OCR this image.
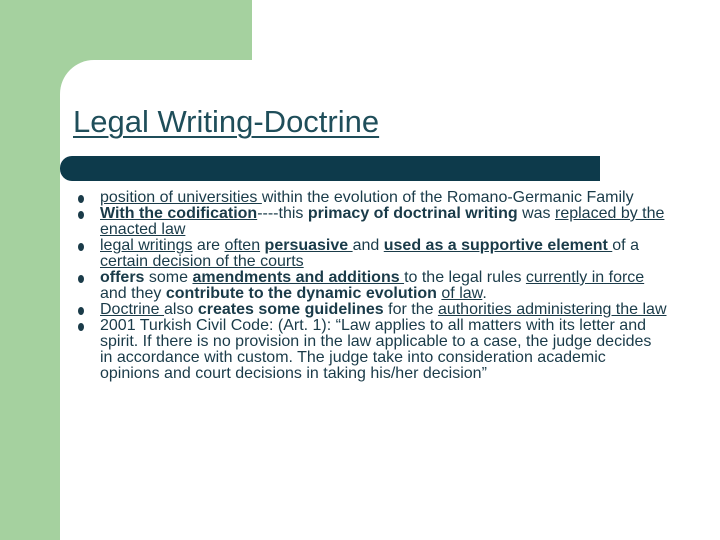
Legal Writing-Doctrine
position of universities within the evolution of the Romano-Germanic Family
With the codification----this primacy of doctrinal writing was replaced by the enacted law
legal writings are often persuasive and used as a supportive element of a certain decision of the courts
offers some amendments and additions to the legal rules currently in force and they contribute to the dynamic evolution of law.
Doctrine also creates some guidelines for the authorities administering the law
2001 Turkish Civil Code: (Art. 1): “Law applies to all matters with its letter and spirit. If there is no provision in the law applicable to a case, the judge decides in accordance with custom. The judge take into consideration academic opinions and court decisions in taking his/her decision”
